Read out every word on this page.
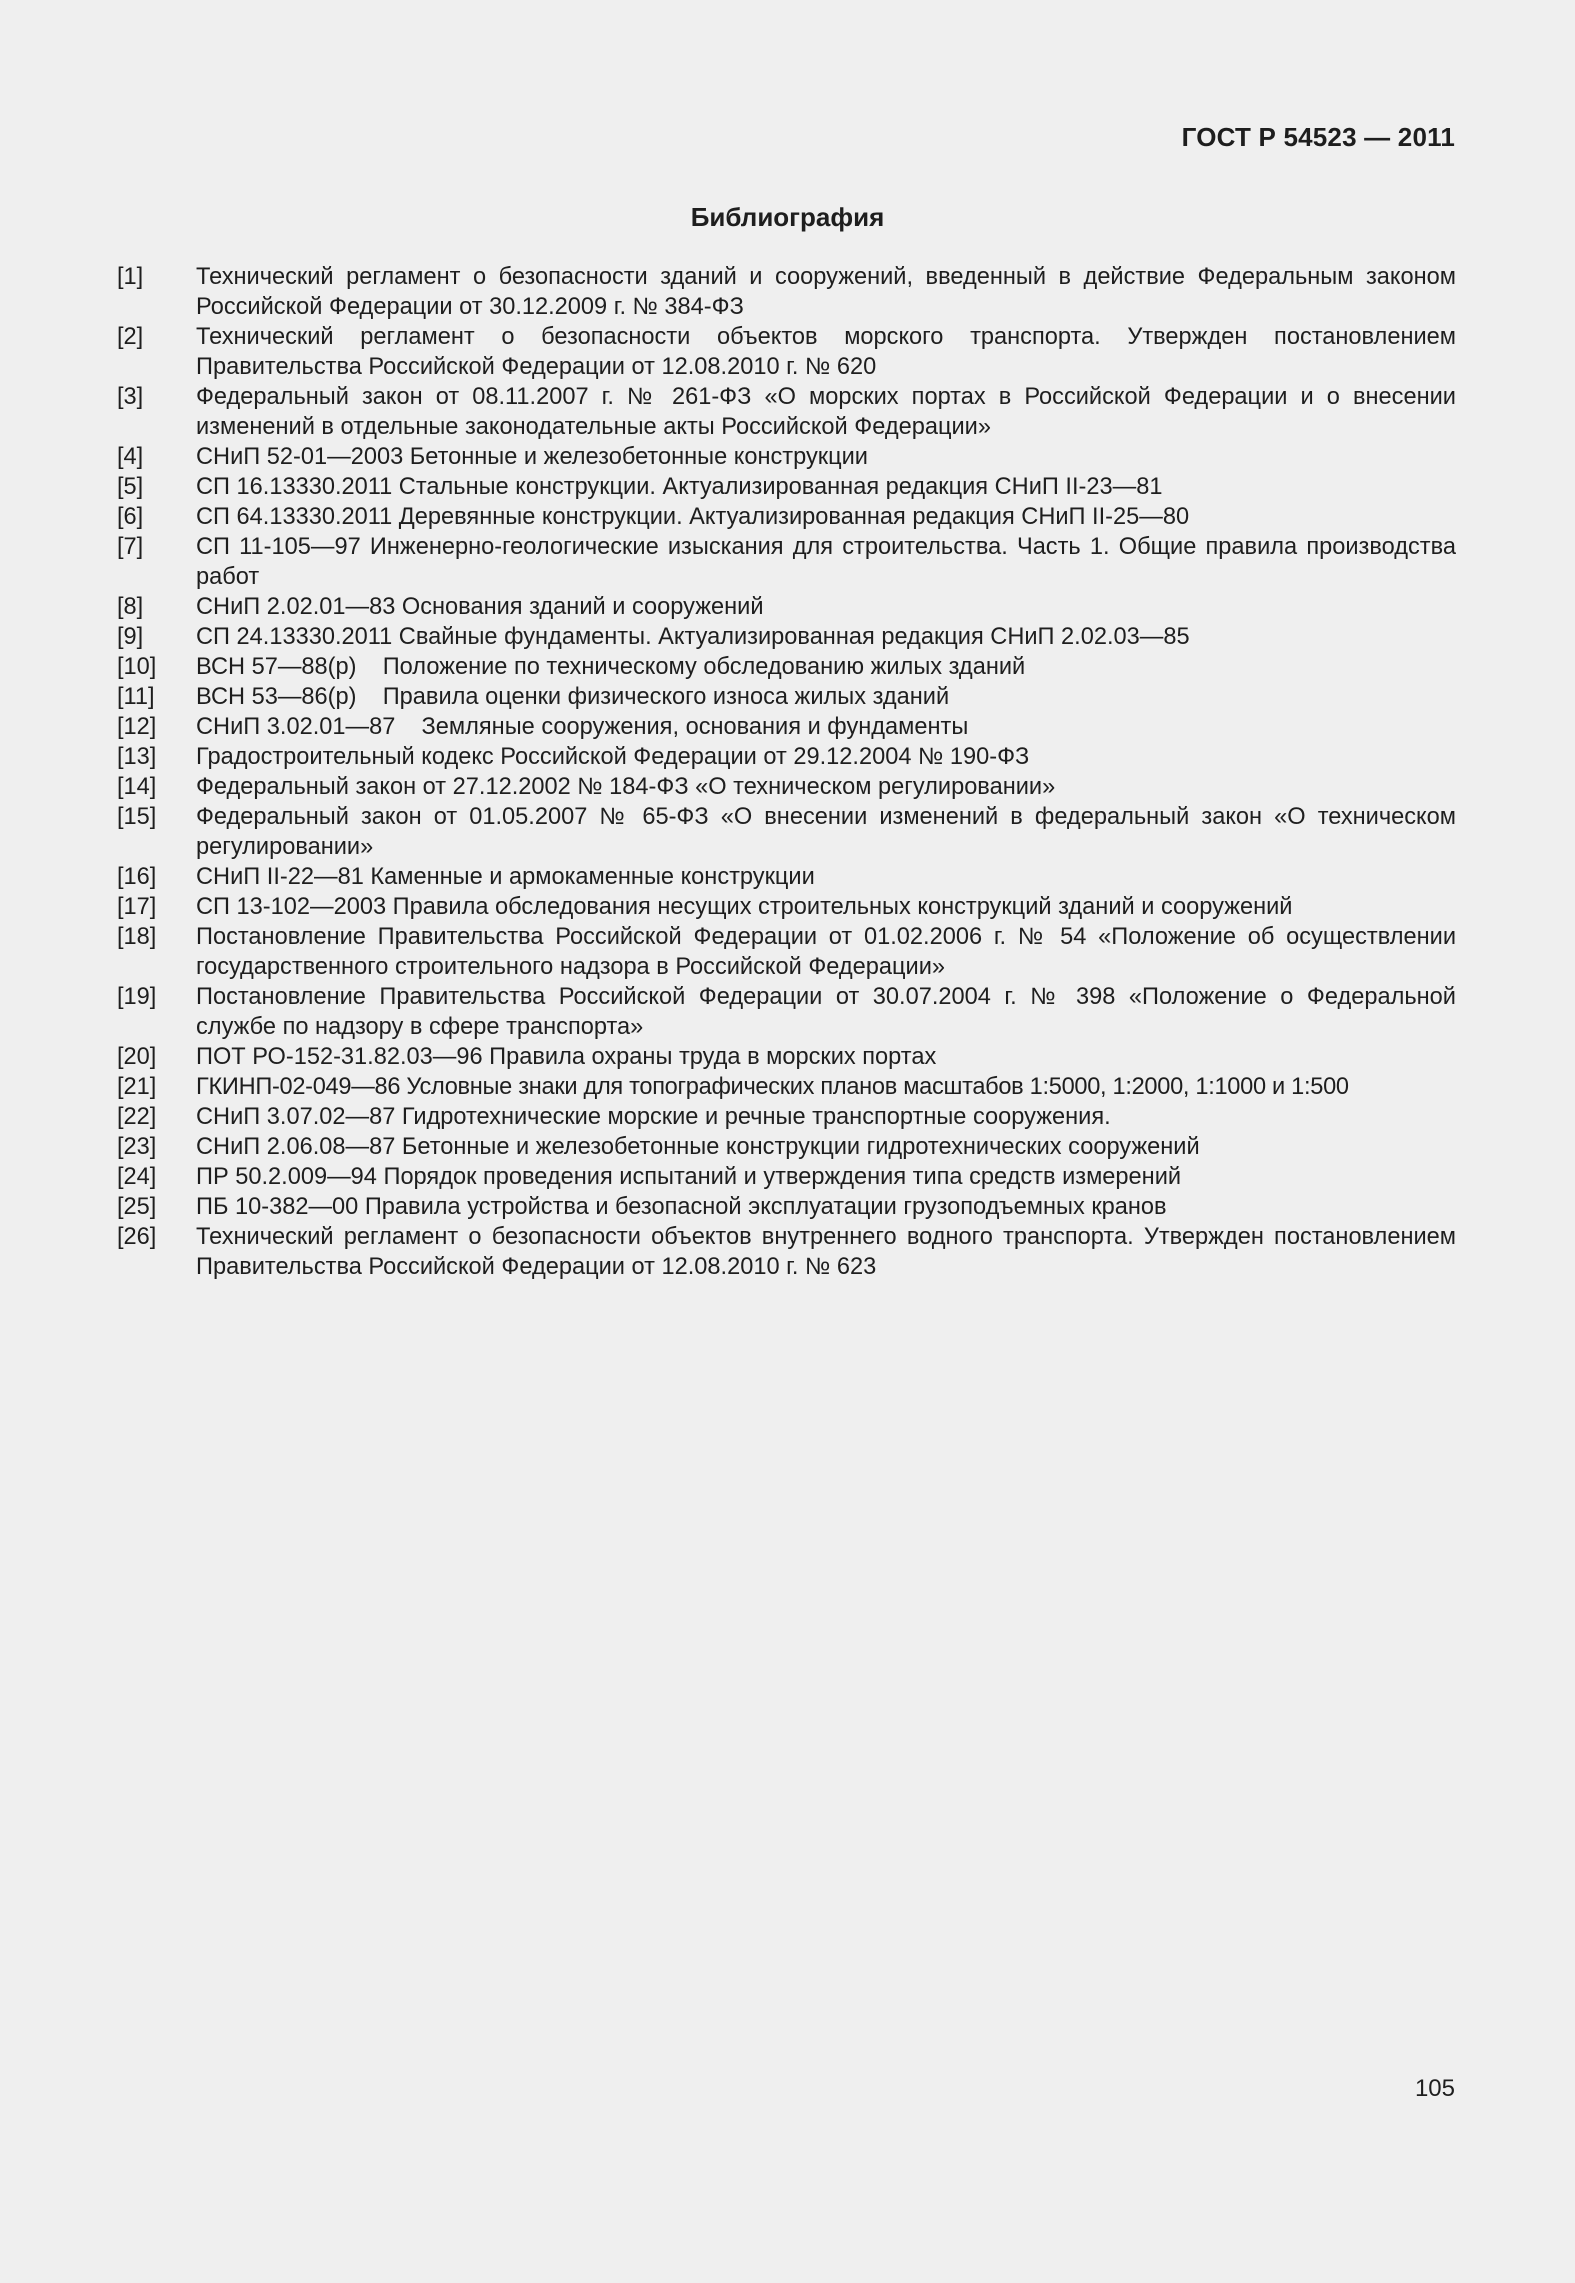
ГОСТ Р 54523 — 2011
Библиография
[1]	Технический регламент о безопасности зданий и сооружений, введенный в действие Федеральным законом Российской Федерации от 30.12.2009 г. № 384-ФЗ
[2]	Технический регламент о безопасности объектов морского транспорта. Утвержден постановлением Правительства Российской Федерации от 12.08.2010 г. № 620
[3]	Федеральный закон от 08.11.2007 г. № 261-ФЗ «О морских портах в Российской Федерации и о внесении изменений в отдельные законодательные акты Российской Федерации»
[4]	СНиП 52-01—2003 Бетонные и железобетонные конструкции
[5]	СП 16.13330.2011 Стальные конструкции. Актуализированная редакция СНиП II-23—81
[6]	СП 64.13330.2011 Деревянные конструкции. Актуализированная редакция СНиП II-25—80
[7]	СП 11-105—97 Инженерно-геологические изыскания для строительства. Часть 1. Общие правила производства работ
[8]	СНиП 2.02.01—83 Основания зданий и сооружений
[9]	СП 24.13330.2011 Свайные фундаменты. Актуализированная редакция СНиП 2.02.03—85
[10]	ВСН 57—88(р)    Положение по техническому обследованию жилых зданий
[11]	ВСН 53—86(р)    Правила оценки физического износа жилых зданий
[12]	СНиП 3.02.01—87    Земляные сооружения, основания и фундаменты
[13]	Градостроительный кодекс Российской Федерации от 29.12.2004 № 190-ФЗ
[14]	Федеральный закон от 27.12.2002 № 184-ФЗ «О техническом регулировании»
[15]	Федеральный закон от 01.05.2007 № 65-ФЗ «О внесении изменений в федеральный закон «О техническом регулировании»
[16]	СНиП II-22—81 Каменные и армокаменные конструкции
[17]	СП 13-102—2003 Правила обследования несущих строительных конструкций зданий и сооружений
[18]	Постановление Правительства Российской Федерации от 01.02.2006 г. № 54 «Положение об осуществлении государственного строительного надзора в Российской Федерации»
[19]	Постановление Правительства Российской Федерации от 30.07.2004 г. № 398 «Положение о Федеральной службе по надзору в сфере транспорта»
[20]	ПОТ РО-152-31.82.03—96 Правила охраны труда в морских портах
[21]	ГКИНП-02-049—86 Условные знаки для топографических планов масштабов 1:5000, 1:2000, 1:1000 и 1:500
[22]	СНиП 3.07.02—87 Гидротехнические морские и речные транспортные сооружения.
[23]	СНиП 2.06.08—87 Бетонные и железобетонные конструкции гидротехнических сооружений
[24]	ПР 50.2.009—94 Порядок проведения испытаний и утверждения типа средств измерений
[25]	ПБ 10-382—00 Правила устройства и безопасной эксплуатации грузоподъемных кранов
[26]	Технический регламент о безопасности объектов внутреннего водного транспорта. Утвержден постановлением Правительства Российской Федерации от 12.08.2010 г. № 623
105
